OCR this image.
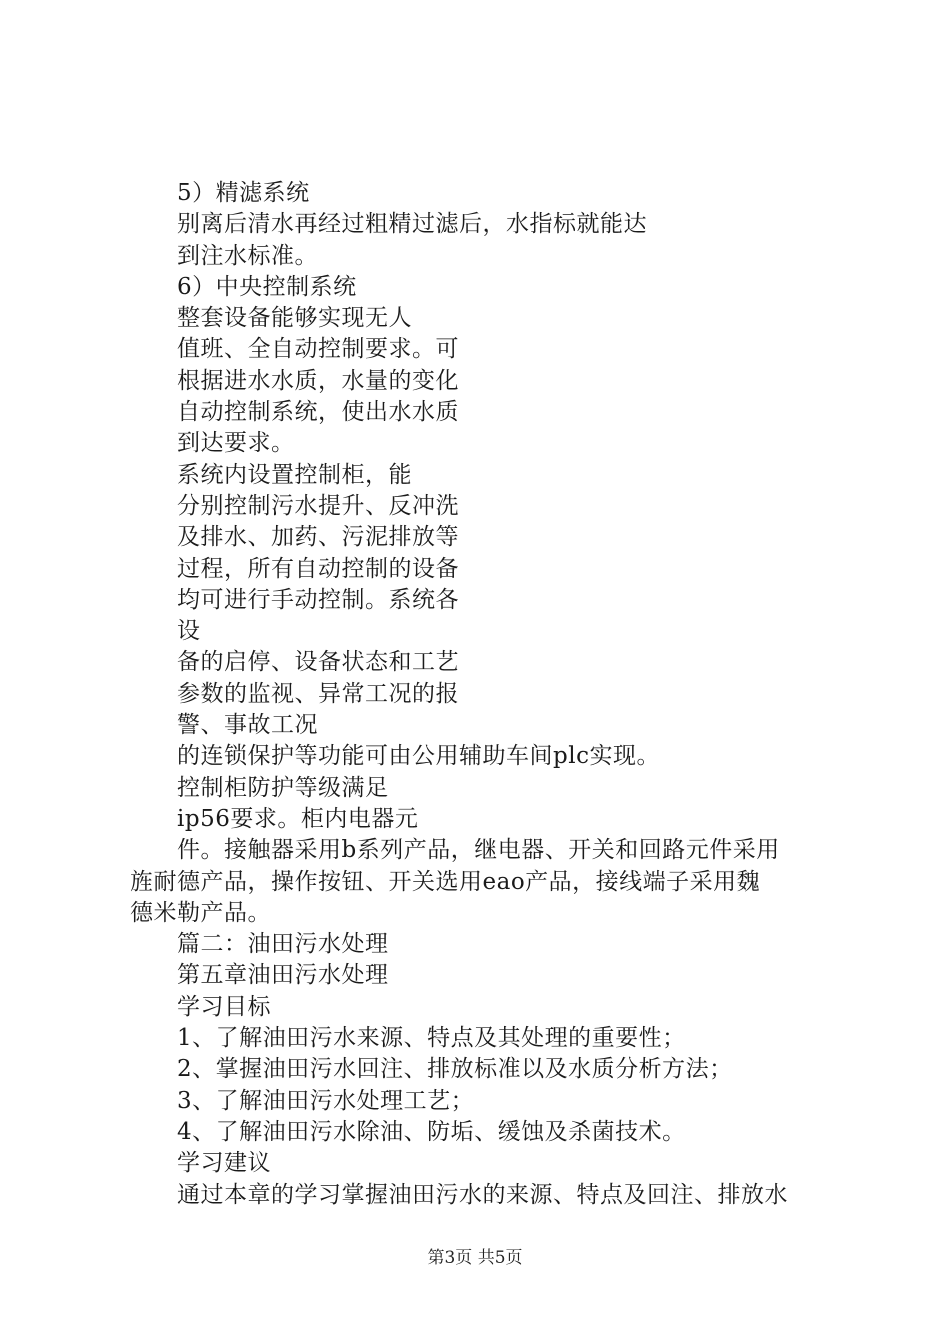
5）精滤系统
别离后清水再经过粗精过滤后，水指标就能达
到注水标准。
6）中央控制系统
整套设备能够实现无人
值班、全自动控制要求。可
根据进水水质，水量的变化
自动控制系统，使出水水质
到达要求。
系统内设置控制柜，能
分别控制污水提升、反冲洗
及排水、加药、污泥排放等
过程，所有自动控制的设备
均可进行手动控制。系统各
设
备的启停、设备状态和工艺
参数的监视、异常工况的报
警、事故工况
的连锁保护等功能可由公用辅助车间plc实现。
控制柜防护等级满足
ip56要求。柜内电器元
件。接触器采用b系列产品，继电器、开关和回路元件采用
旌耐德产品，操作按钮、开关选用eao产品，接线端子采用魏
德米勒产品。
篇二：油田污水处理
第五章油田污水处理
学习目标
1、了解油田污水来源、特点及其处理的重要性；
2、掌握油田污水回注、排放标准以及水质分析方法；
3、了解油田污水处理工艺；
4、了解油田污水除油、防垢、缓蚀及杀菌技术。
学习建议
通过本章的学习掌握油田污水的来源、特点及回注、排放水
第3页 共5页
